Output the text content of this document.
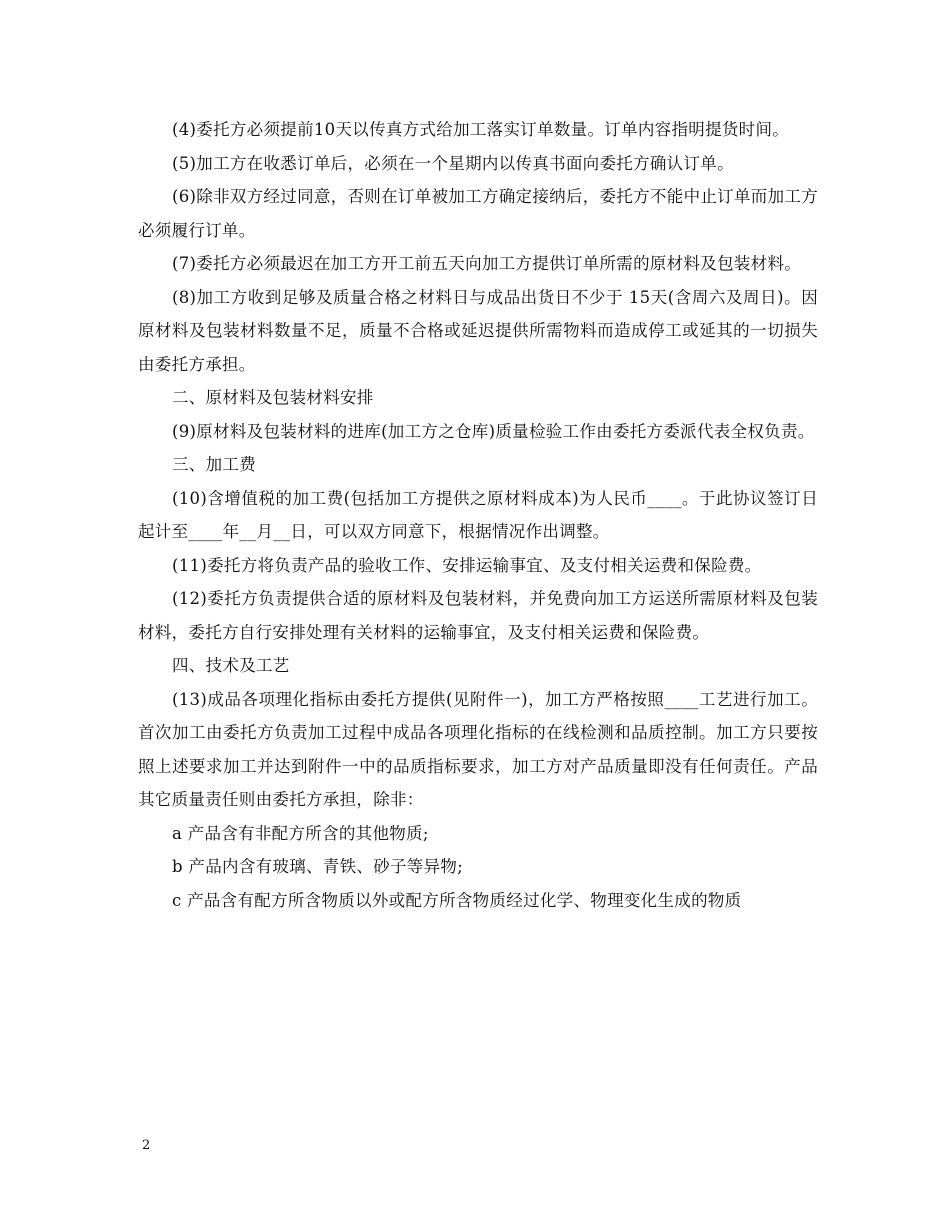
(4)委托方必须提前10天以传真方式给加工落实订单数量。订单内容指明提货时间。

(5)加工方在收悉订单后，必须在一个星期内以传真书面向委托方确认订单。

(6)除非双方经过同意，否则在订单被加工方确定接纳后，委托方不能中止订单而加工方必须履行订单。

(7)委托方必须最迟在加工方开工前五天向加工方提供订单所需的原材料及包装材料。

(8)加工方收到足够及质量合格之材料日与成品出货日不少于 15天(含周六及周日)。因原材料及包装材料数量不足，质量不合格或延迟提供所需物料而造成停工或延其的一切损失由委托方承担。

二、原材料及包装材料安排

(9)原材料及包装材料的进库(加工方之仓库)质量检验工作由委托方委派代表全权负责。

三、加工费

(10)含增值税的加工费(包括加工方提供之原材料成本)为人民币____。于此协议签订日起计至____年__月__日，可以双方同意下，根据情况作出调整。

(11)委托方将负责产品的验收工作、安排运输事宜、及支付相关运费和保险费。

(12)委托方负责提供合适的原材料及包装材料，并免费向加工方运送所需原材料及包装材料，委托方自行安排处理有关材料的运输事宜，及支付相关运费和保险费。

四、技术及工艺

(13)成品各项理化指标由委托方提供(见附件一)，加工方严格按照____工艺进行加工。首次加工由委托方负责加工过程中成品各项理化指标的在线检测和品质控制。加工方只要按照上述要求加工并达到附件一中的品质指标要求，加工方对产品质量即没有任何责任。产品其它质量责任则由委托方承担，除非：

a 产品含有非配方所含的其他物质;

b 产品内含有玻璃、青铁、砂子等异物;

c 产品含有配方所含物质以外或配方所含物质经过化学、物理变化生成的物质

2
